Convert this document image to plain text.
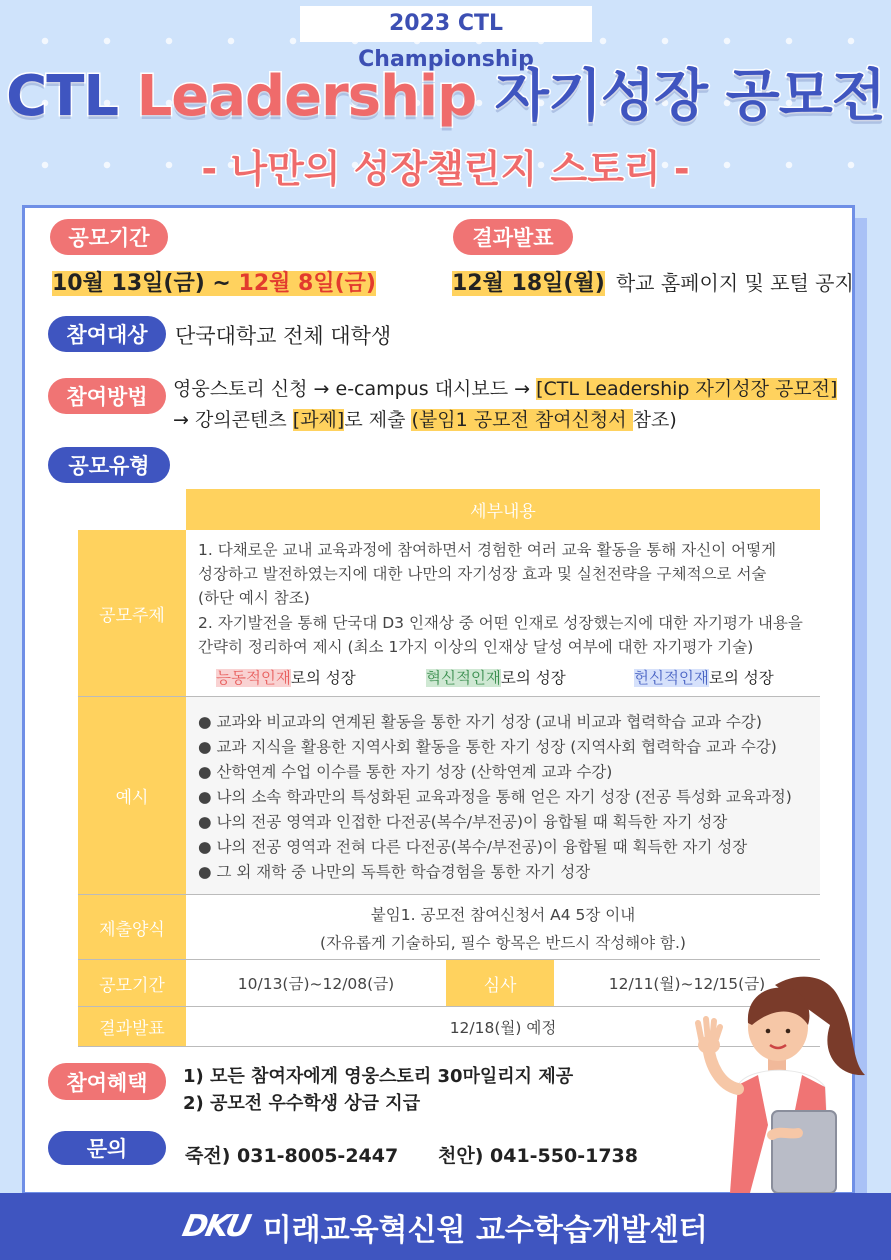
2023 CTL Championship
CTL Leadership 자기성장 공모전
- 나만의 성장챌린지 스토리 -
공모기간
10월 13일(금) ~ 12월 8일(금)
결과발표
12월 18일(월) 학교 홈페이지 및 포털 공지
참여대상	단국대학교 전체 대학생
참여방법	영웅스토리 신청 → e-campus 대시보드 → [CTL Leadership 자기성장 공모전]
→ 강의콘텐츠 [과제]로 제출 (붙임1 공모전 참여신청서 참조)
공모유형
세부내용
공모주제
1. 다채로운 교내 교육과정에 참여하면서 경험한 여러 교육 활동을 통해 자신이 어떻게
성장하고 발전하였는지에 대한 나만의 자기성장 효과 및 실천전략을 구체적으로 서술
(하단 예시 참조)
2. 자기발전을 통해 단국대 D3 인재상 중 어떤 인재로 성장했는지에 대한 자기평가 내용을
간략히 정리하여 제시 (최소 1가지 이상의 인재상 달성 여부에 대한 자기평가 기술)
능동적인재로의 성장	혁신적인재로의 성장	헌신적인재로의 성장
예시
● 교과와 비교과의 연계된 활동을 통한 자기 성장 (교내 비교과 협력학습 교과 수강)
● 교과 지식을 활용한 지역사회 활동을 통한 자기 성장 (지역사회 협력학습 교과 수강)
● 산학연계 수업 이수를 통한 자기 성장 (산학연계 교과 수강)
● 나의 소속 학과만의 특성화된 교육과정을 통해 얻은 자기 성장 (전공 특성화 교육과정)
● 나의 전공 영역과 인접한 다전공(복수/부전공)이 융합될 때 획득한 자기 성장
● 나의 전공 영역과 전혀 다른 다전공(복수/부전공)이 융합될 때 획득한 자기 성장
● 그 외 재학 중 나만의 독특한 학습경험을 통한 자기 성장
제출양식
붙임1. 공모전 참여신청서 A4 5장 이내
(자유롭게 기술하되, 필수 항목은 반드시 작성해야 함.)
공모기간	10/13(금)~12/08(금)	심사	12/11(월)~12/15(금)
결과발표	12/18(월) 예정
참여혜택	1) 모든 참여자에게 영웅스토리 30마일리지 제공
2) 공모전 우수학생 상금 지급
문의	죽전) 031-8005-2447 천안) 041-550-1738
DKU 미래교육혁신원 교수학습개발센터
